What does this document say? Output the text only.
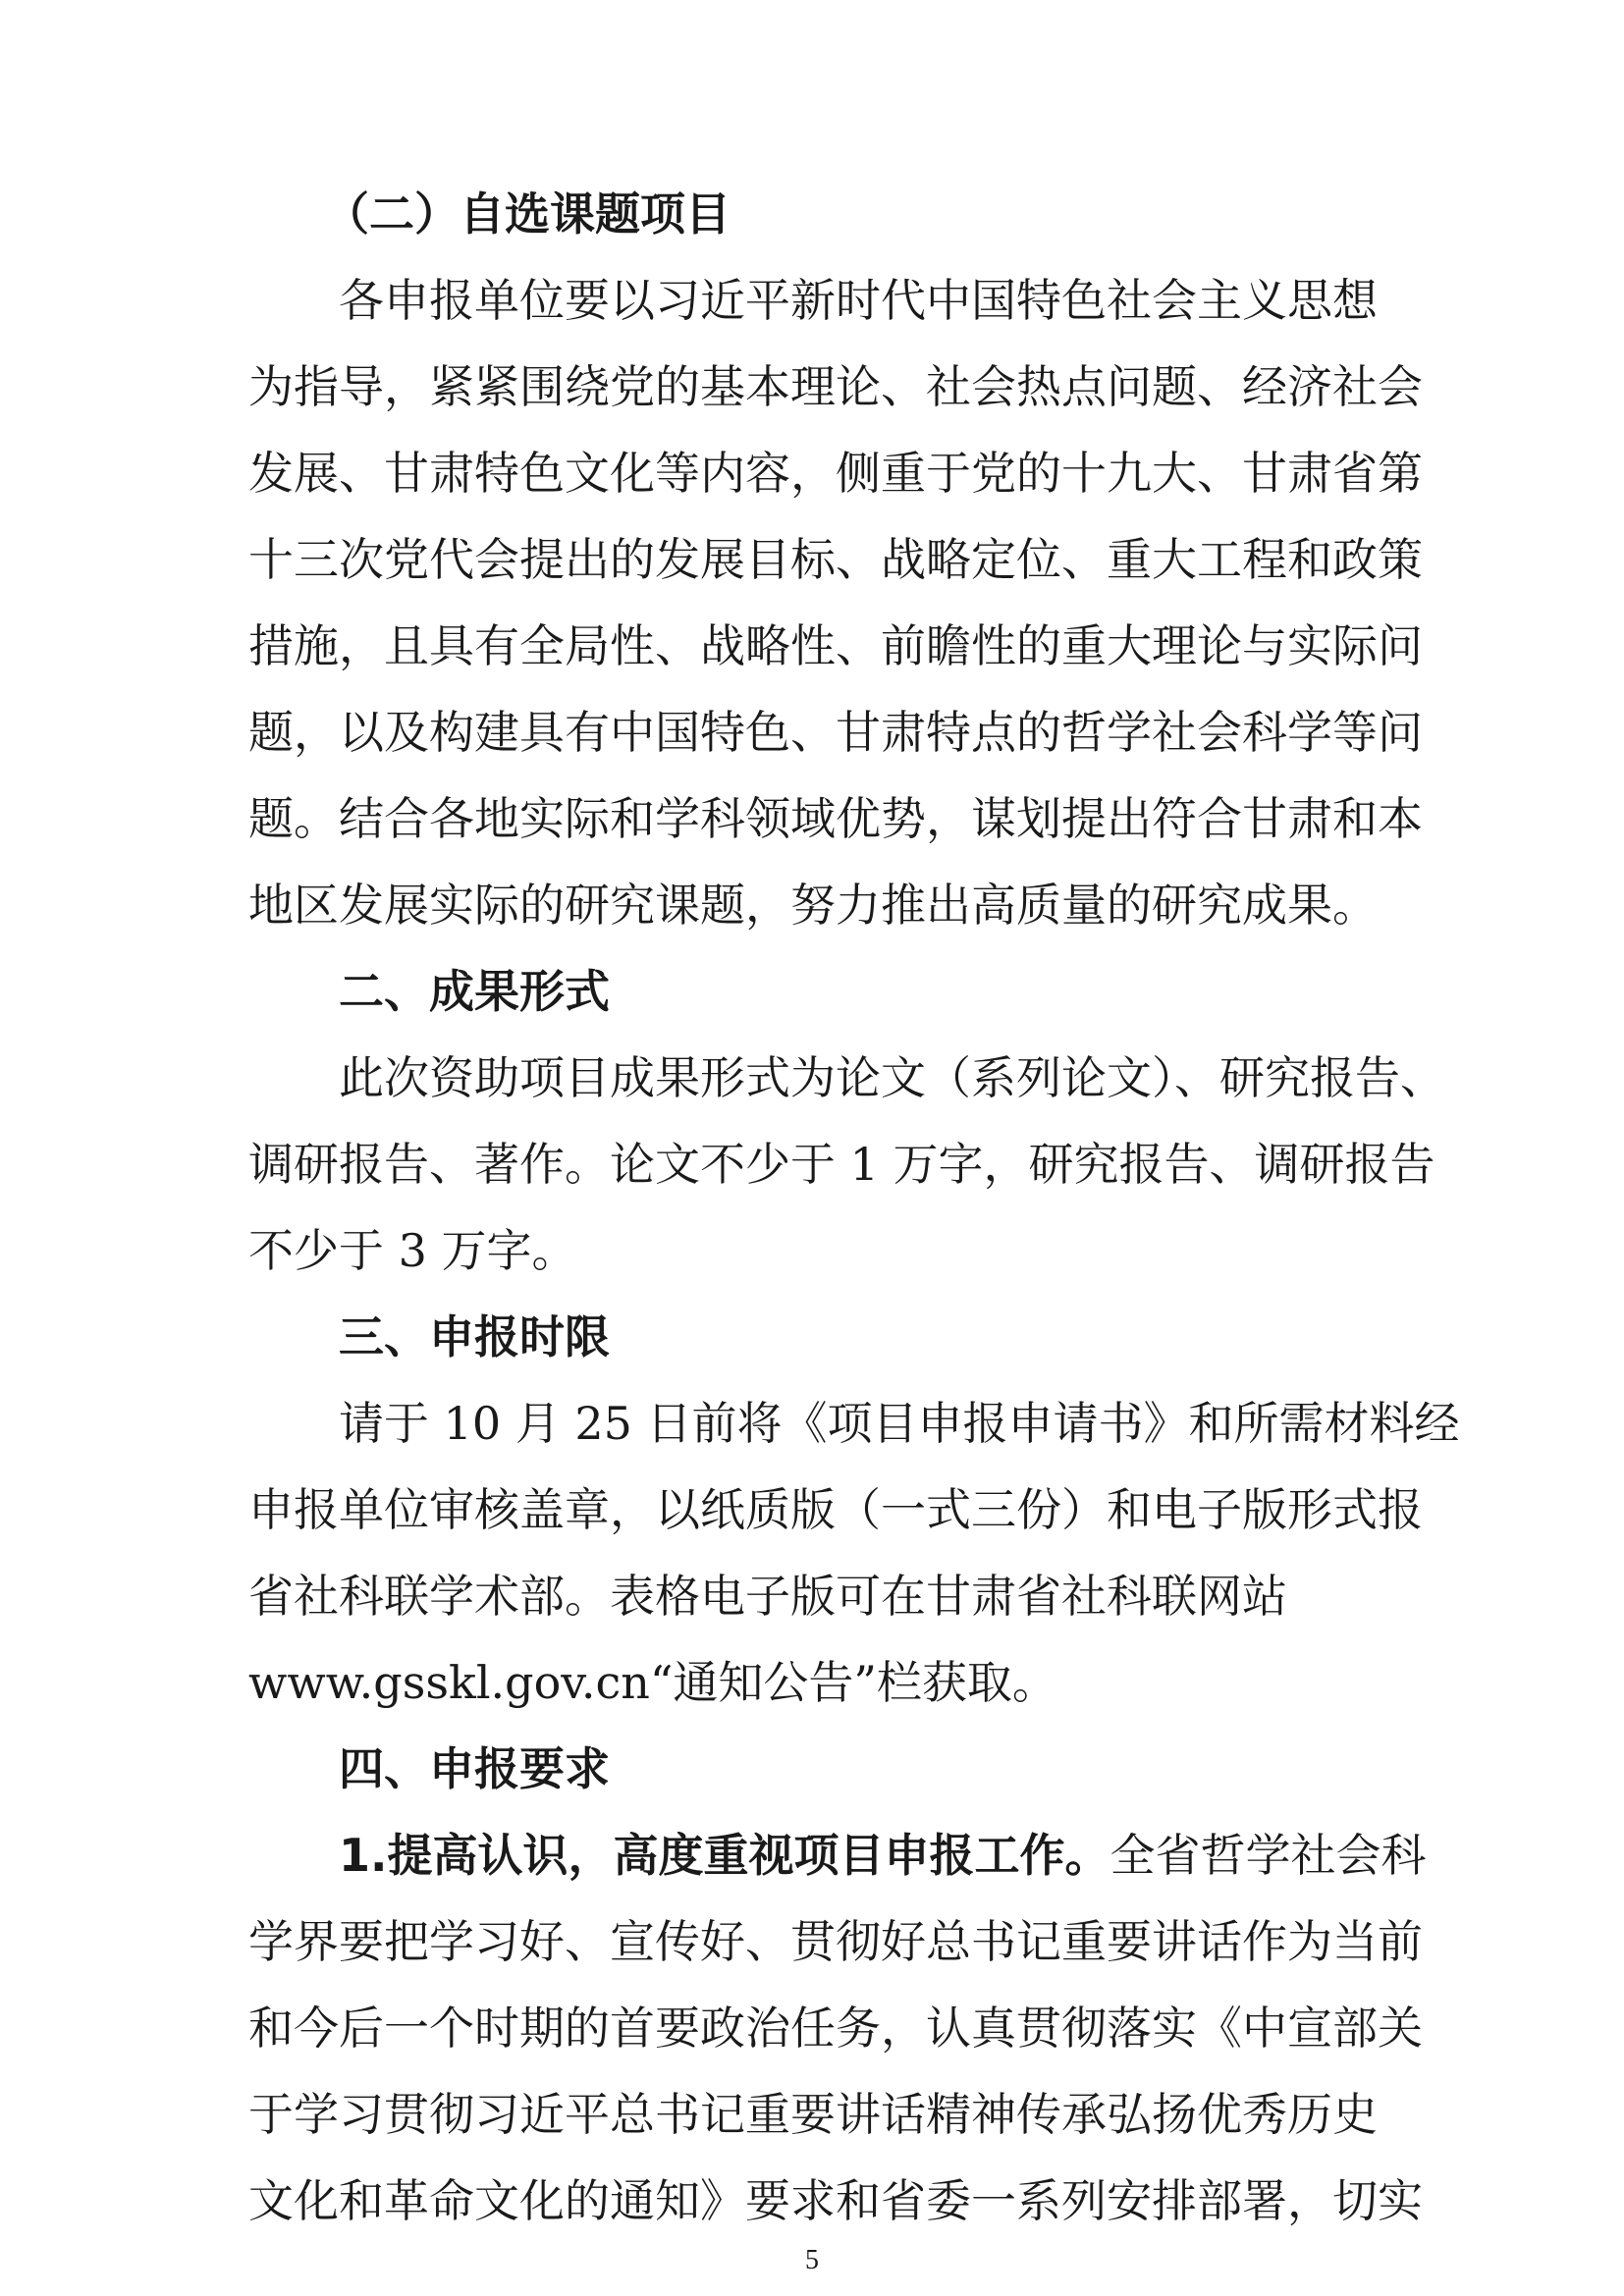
（二）自选课题项目
各申报单位要以习近平新时代中国特色社会主义思想
为指导，紧紧围绕党的基本理论、社会热点问题、经济社会
发展、甘肃特色文化等内容，侧重于党的十九大、甘肃省第
十三次党代会提出的发展目标、战略定位、重大工程和政策
措施，且具有全局性、战略性、前瞻性的重大理论与实际问
题，以及构建具有中国特色、甘肃特点的哲学社会科学等问
题。结合各地实际和学科领域优势，谋划提出符合甘肃和本
地区发展实际的研究课题，努力推出高质量的研究成果。
二、成果形式
此次资助项目成果形式为论文（系列论文）、研究报告、
调研报告、著作。论文不少于 1 万字，研究报告、调研报告
不少于 3 万字。
三、申报时限
请于 10 月 25 日前将《项目申报申请书》和所需材料经
申报单位审核盖章，以纸质版（一式三份）和电子版形式报
省社科联学术部。表格电子版可在甘肃省社科联网站
www.gsskl.gov.cn“通知公告”栏获取。
四、申报要求
1.提高认识，高度重视项目申报工作。全省哲学社会科
学界要把学习好、宣传好、贯彻好总书记重要讲话作为当前
和今后一个时期的首要政治任务，认真贯彻落实《中宣部关
于学习贯彻习近平总书记重要讲话精神传承弘扬优秀历史
文化和革命文化的通知》要求和省委一系列安排部署，切实
5
